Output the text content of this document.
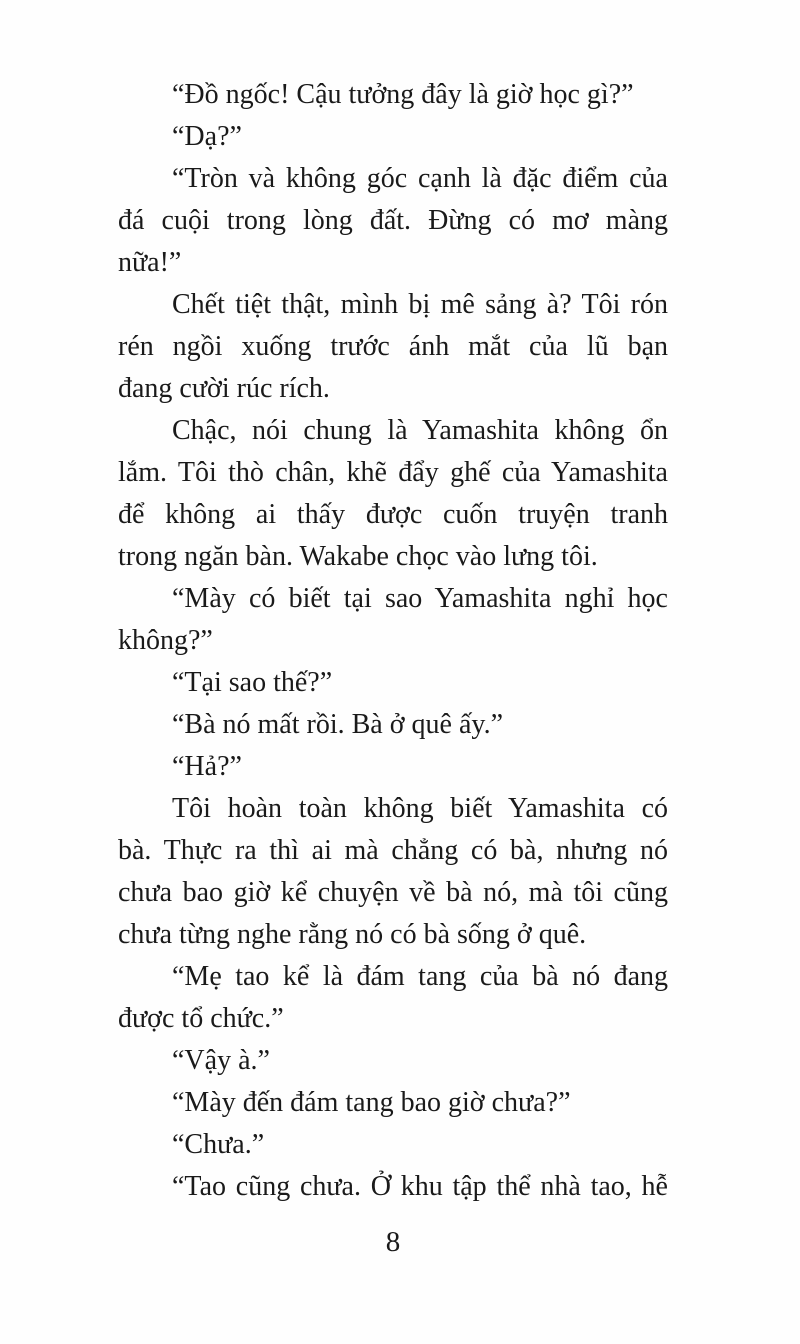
“Đồ ngốc! Cậu tưởng đây là giờ học gì?”

“Dạ?”

“Tròn và không góc cạnh là đặc điểm của
đá cuội trong lòng đất. Đừng có mơ màng
nữa!”

Chết tiệt thật, mình bị mê sảng à? Tôi rón
rén ngồi xuống trước ánh mắt của lũ bạn
đang cười rúc rích.

Chậc, nói chung là Yamashita không ổn
lắm. Tôi thò chân, khẽ đẩy ghế của Yamashita
để không ai thấy được cuốn truyện tranh
trong ngăn bàn. Wakabe chọc vào lưng tôi.

“Mày có biết tại sao Yamashita nghỉ học
không?”

“Tại sao thế?”

“Bà nó mất rồi. Bà ở quê ấy.”

“Hả?”

Tôi hoàn toàn không biết Yamashita có
bà. Thực ra thì ai mà chẳng có bà, nhưng nó
chưa bao giờ kể chuyện về bà nó, mà tôi cũng
chưa từng nghe rằng nó có bà sống ở quê.

“Mẹ tao kể là đám tang của bà nó đang
được tổ chức.”

“Vậy à.”

“Mày đến đám tang bao giờ chưa?”

“Chưa.”

“Tao cũng chưa. Ở khu tập thể nhà tao, hễ

8
